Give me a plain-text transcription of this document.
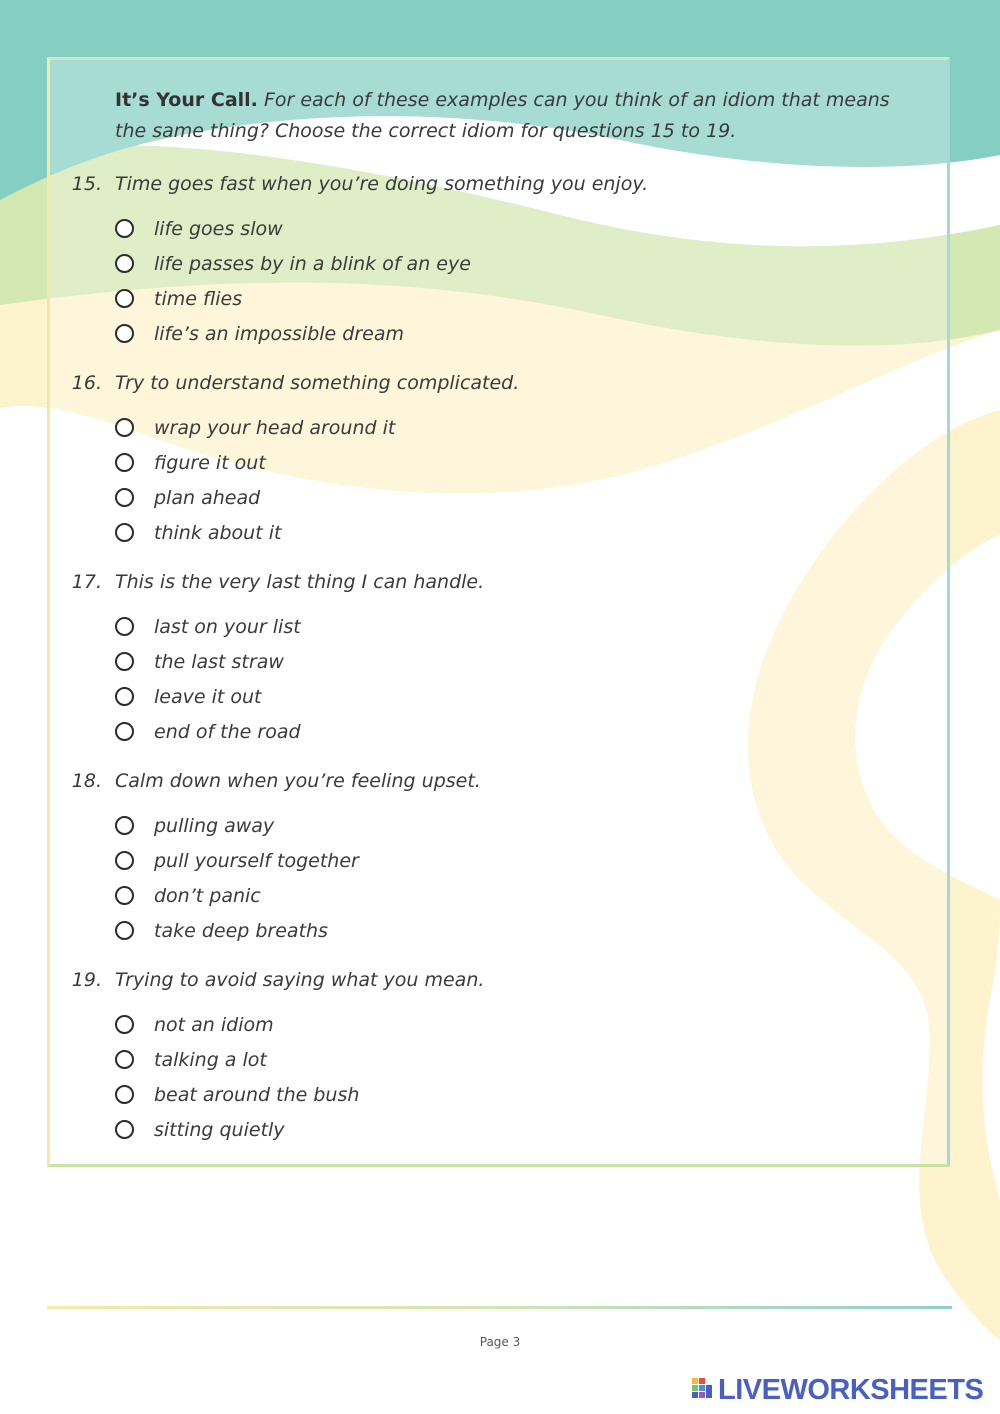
It’s Your Call. For each of these examples can you think of an idiom that means the same thing? Choose the correct idiom for questions 15 to 19.
15. Time goes fast when you’re doing something you enjoy.
life goes slow
life passes by in a blink of an eye
time flies
life’s an impossible dream
16. Try to understand something complicated.
wrap your head around it
figure it out
plan ahead
think about it
17. This is the very last thing I can handle.
last on your list
the last straw
leave it out
end of the road
18. Calm down when you’re feeling upset.
pulling away
pull yourself together
don’t panic
take deep breaths
19. Trying to avoid saying what you mean.
not an idiom
talking a lot
beat around the bush
sitting quietly
Page 3
LIVEWORKSHEETS
